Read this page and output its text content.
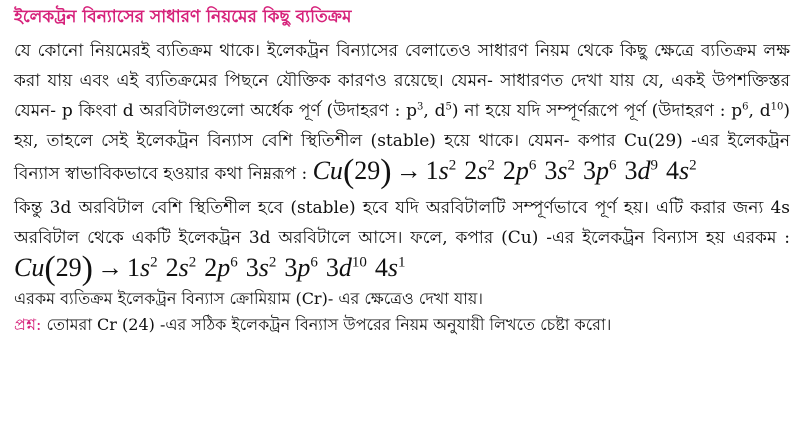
ইলেকট্রন বিন্যাসের সাধারণ নিয়মের কিছু ব্যতিক্রম

যে কোনো নিয়মেরই ব্যতিক্রম থাকে। ইলেকট্রন বিন্যাসের বেলাতেও সাধারণ নিয়ম থেকে কিছু ক্ষেত্রে ব্যতিক্রম লক্ষ করা যায় এবং এই ব্যতিক্রমের পিছনে যৌক্তিক কারণও রয়েছে। যেমন- সাধারণত দেখা যায় যে, একই উপশক্তিস্তর যেমন- p কিংবা d অরবিটালগুলো অর্ধেক পূর্ণ (উদাহরণ : $p^3$, $d^5$) না হয়ে যদি সম্পূর্ণরূপে পূর্ণ (উদাহরণ : $p^6$, $d^{10}$) হয়, তাহলে সেই ইলেকট্রন বিন্যাস বেশি স্থিতিশীল (stable) হয়ে থাকে। যেমন- কপার Cu(29) -এর ইলেকট্রন বিন্যাস স্বাভাবিকভাবে হওয়ার কথা নিম্নরূপ : $Cu(29) \to 1s^2$ $2s^2$ $2p^6$ $3s^2$ $3p^6$ $3d^9$ $4s^2$

কিন্তু 3d অরবিটাল বেশি স্থিতিশীল হবে (stable) হবে যদি অরবিটালটি সম্পূর্ণভাবে পূর্ণ হয়। এটি করার জন্য 4s অরবিটাল থেকে একটি ইলেকট্রন 3d অরবিটালে আসে। ফলে, কপার (Cu) -এর ইলেকট্রন বিন্যাস হয় এরকম : $Cu(29) \to 1s^2$ $2s^2$ $2p^6$ $3s^2$ $3p^6$ $3d^{10}$ $4s^1$

এরকম ব্যতিক্রম ইলেকট্রন বিন্যাস ক্রোমিয়াম (Cr)- এর ক্ষেত্রেও দেখা যায়।

প্রশ্ন: তোমরা Cr (24) -এর সঠিক ইলেকট্রন বিন্যাস উপরের নিয়ম অনুযায়ী লিখতে চেষ্টা করো।
